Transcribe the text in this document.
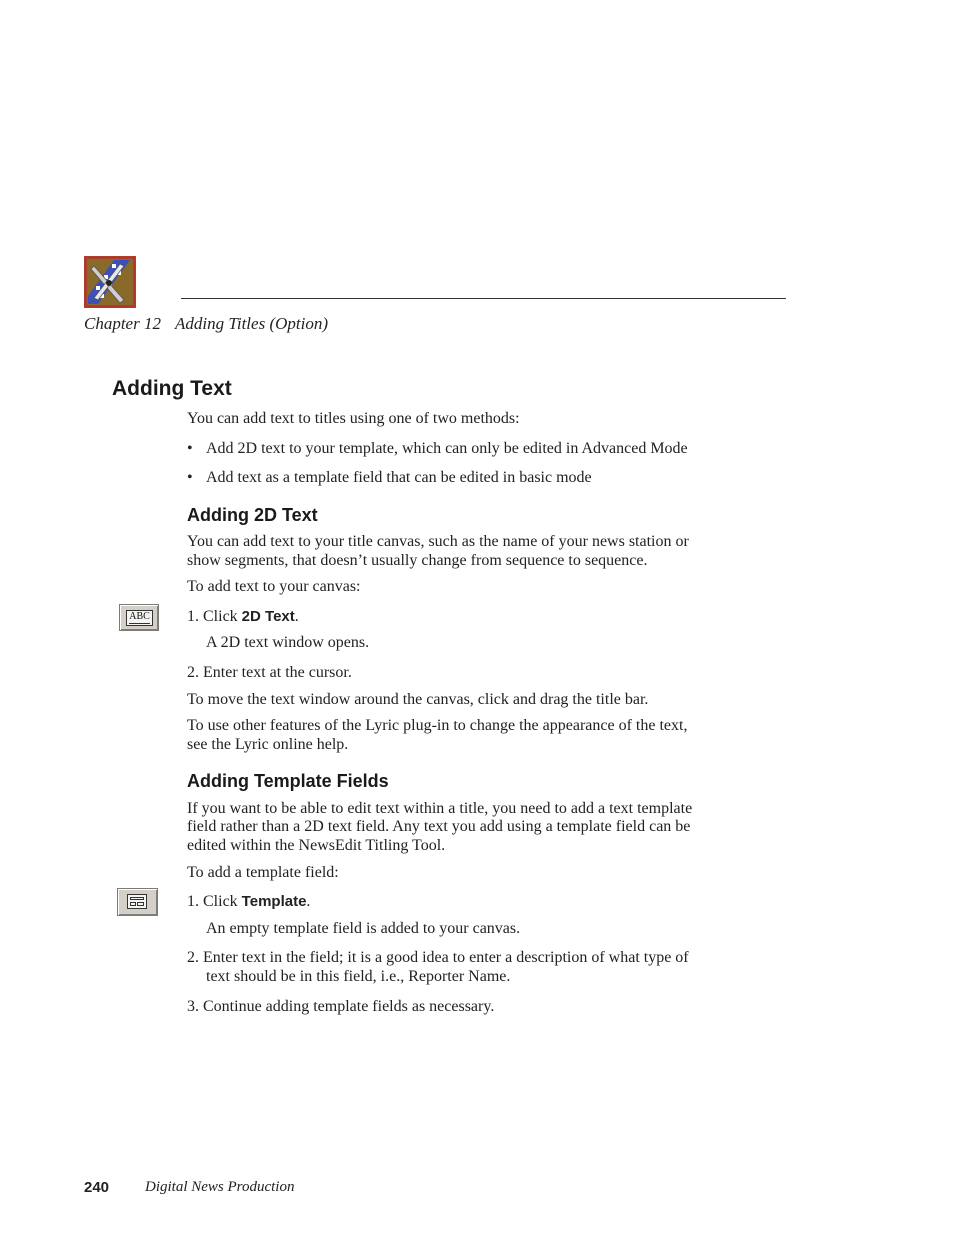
Chapter 12 Adding Titles (Option)
Adding Text
You can add text to titles using one of two methods:
• Add 2D text to your template, which can only be edited in Advanced Mode
• Add text as a template field that can be edited in basic mode
Adding 2D Text
You can add text to your title canvas, such as the name of your news station or
show segments, that doesn’t usually change from sequence to sequence.
To add text to your canvas:
ABC 1. Click 2D Text.
A 2D text window opens.
2. Enter text at the cursor.
To move the text window around the canvas, click and drag the title bar.
To use other features of the Lyric plug-in to change the appearance of the text,
see the Lyric online help.
Adding Template Fields
If you want to be able to edit text within a title, you need to add a text template
field rather than a 2D text field. Any text you add using a template field can be
edited within the NewsEdit Titling Tool.
To add a template field:
1. Click Template.
An empty template field is added to your canvas.
2. Enter text in the field; it is a good idea to enter a description of what type of
text should be in this field, i.e., Reporter Name.
3. Continue adding template fields as necessary.
240 Digital News Production
